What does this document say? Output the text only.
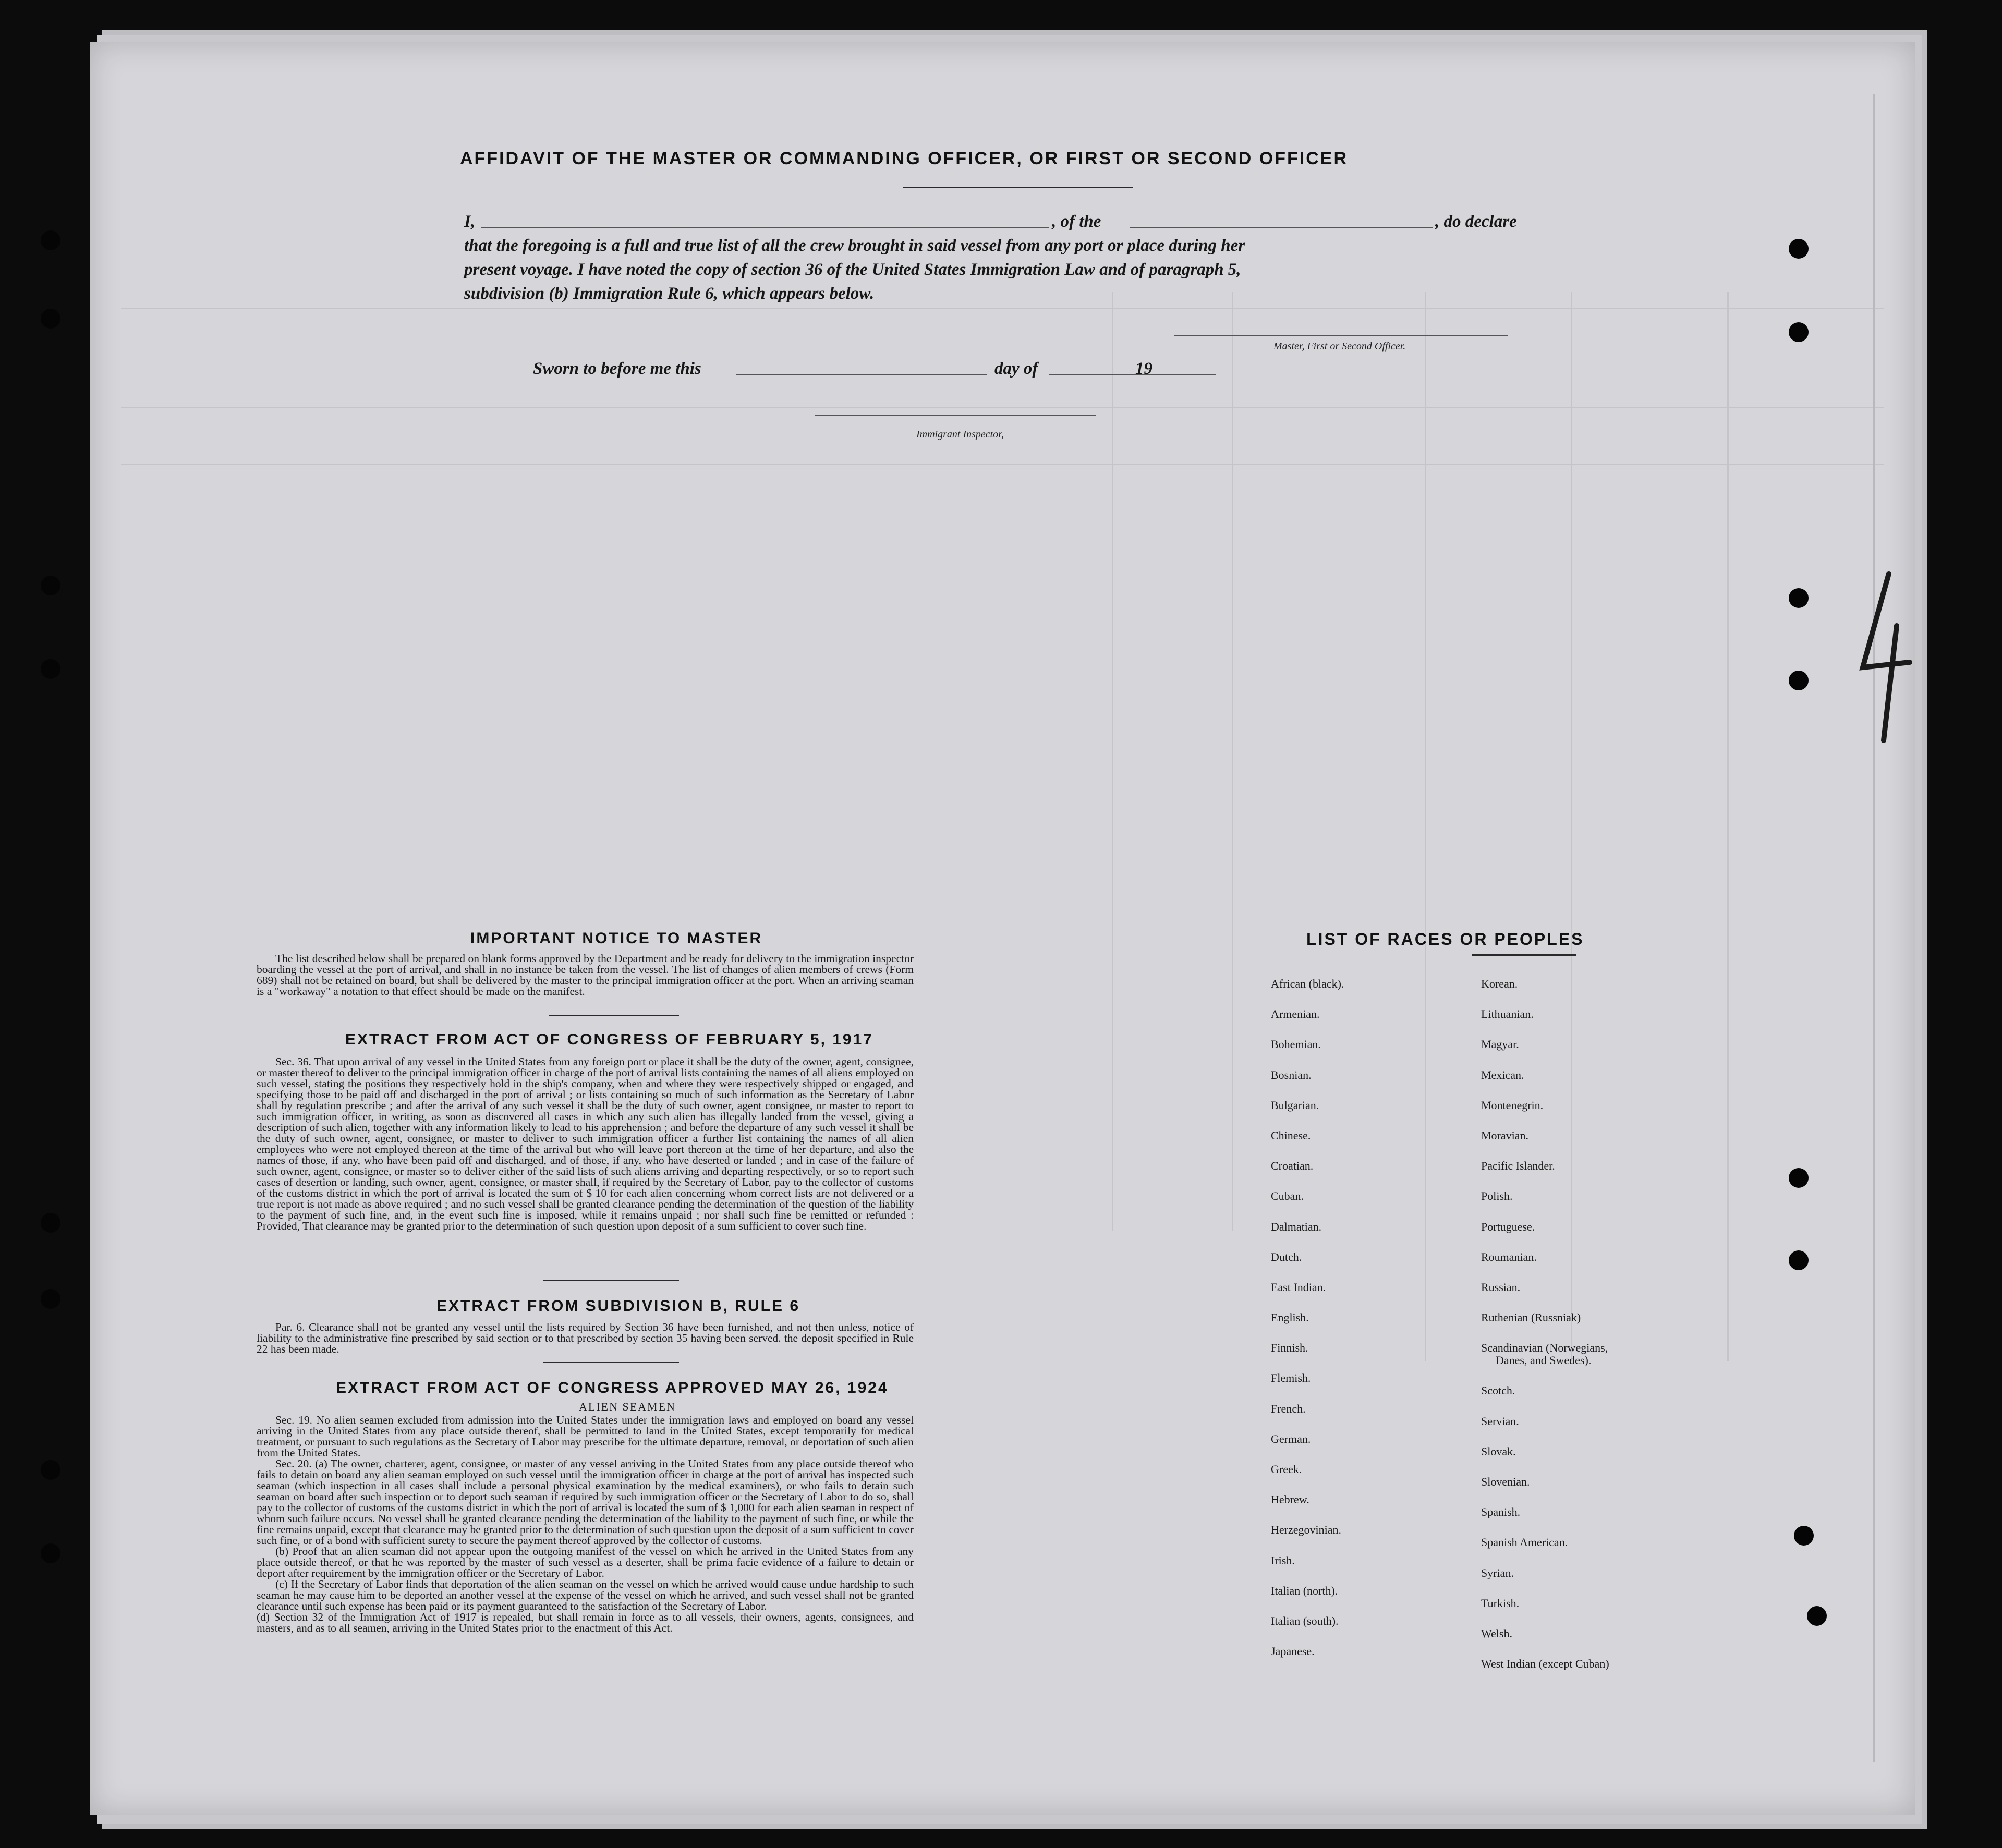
AFFIDAVIT OF THE MASTER OR COMMANDING OFFICER, OR FIRST OR SECOND OFFICER
I,	, of the	, do declare
that the foregoing is a full and true list of all the crew brought in said vessel from any port or place during her
present voyage. I have noted the copy of section 36 of the United States Immigration Law and of paragraph 5,
subdivision (b) Immigration Rule 6, which appears below.
Master, First or Second Officer.
Sworn to before me this	day of	19
Immigrant Inspector,
IMPORTANT NOTICE TO MASTER
The list described below shall be prepared on blank forms approved by the Department and be ready for delivery to the immigration inspector boarding the vessel at the port of arrival, and shall in no instance be taken from the vessel. The list of changes of alien members of crews (Form 689) shall not be retained on board, but shall be delivered by the master to the principal immigration officer at the port. When an arriving seaman is a "workaway" a notation to that effect should be made on the manifest.
EXTRACT FROM ACT OF CONGRESS OF FEBRUARY 5, 1917
Sec. 36. That upon arrival of any vessel in the United States from any foreign port or place it shall be the duty of the owner, agent, consignee, or master thereof to deliver to the principal immigration officer in charge of the port of arrival lists containing the names of all aliens employed on such vessel, stating the positions they respectively hold in the ship's company, when and where they were respectively shipped or engaged, and specifying those to be paid off and discharged in the port of arrival ; or lists containing so much of such information as the Secretary of Labor shall by regulation prescribe ; and after the arrival of any such vessel it shall be the duty of such owner, agent consignee, or master to report to such immigration officer, in writing, as soon as discovered all cases in which any such alien has illegally landed from the vessel, giving a description of such alien, together with any information likely to lead to his apprehension ; and before the departure of any such vessel it shall be the duty of such owner, agent, consignee, or master to deliver to such immigration officer a further list containing the names of all alien employees who were not employed thereon at the time of the arrival but who will leave port thereon at the time of her departure, and also the names of those, if any, who have been paid off and discharged, and of those, if any, who have deserted or landed ; and in case of the failure of such owner, agent, consignee, or master so to deliver either of the said lists of such aliens arriving and departing respectively, or so to report such cases of desertion or landing, such owner, agent, consignee, or master shall, if required by the Secretary of Labor, pay to the collector of customs of the customs district in which the port of arrival is located the sum of $ 10 for each alien concerning whom correct lists are not delivered or a true report is not made as above required ; and no such vessel shall be granted clearance pending the determination of the question of the liability to the payment of such fine, and, in the event such fine is imposed, while it remains unpaid ; nor shall such fine be remitted or refunded : Provided, That clearance may be granted prior to the determination of such question upon deposit of a sum sufficient to cover such fine.
EXTRACT FROM SUBDIVISION B, RULE 6
Par. 6. Clearance shall not be granted any vessel until the lists required by Section 36 have been furnished, and not then unless, notice of liability to the administrative fine prescribed by said section or to that prescribed by section 35 having been served. the deposit specified in Rule 22 has been made.
EXTRACT FROM ACT OF CONGRESS APPROVED MAY 26, 1924
ALIEN SEAMEN
Sec. 19. No alien seamen excluded from admission into the United States under the immigration laws and employed on board any vessel arriving in the United States from any place outside thereof, shall be permitted to land in the United States, except temporarily for medical treatment, or pursuant to such regulations as the Secretary of Labor may prescribe for the ultimate departure, removal, or deportation of such alien from the United States.
Sec. 20. (a) The owner, charterer, agent, consignee, or master of any vessel arriving in the United States from any place outside thereof who fails to detain on board any alien seaman employed on such vessel until the immigration officer in charge at the port of arrival has inspected such seaman (which inspection in all cases shall include a personal physical examination by the medical examiners), or who fails to detain such seaman on board after such inspection or to deport such seaman if required by such immigration officer or the Secretary of Labor to do so, shall pay to the collector of customs of the customs district in which the port of arrival is located the sum of $ 1,000 for each alien seaman in respect of whom such failure occurs. No vessel shall be granted clearance pending the determination of the liability to the payment of such fine, or while the fine remains unpaid, except that clearance may be granted prior to the determination of such question upon the deposit of a sum sufficient to cover such fine, or of a bond with sufficient surety to secure the payment thereof approved by the collector of customs.
(b) Proof that an alien seaman did not appear upon the outgoing manifest of the vessel on which he arrived in the United States from any place outside thereof, or that he was reported by the master of such vessel as a deserter, shall be prima facie evidence of a failure to detain or deport after requirement by the immigration officer or the Secretary of Labor.
(c) If the Secretary of Labor finds that deportation of the alien seaman on the vessel on which he arrived would cause undue hardship to such seaman he may cause him to be deported an another vessel at the expense of the vessel on which he arrived, and such vessel shall not be granted clearance until such expense has been paid or its payment guaranteed to the satisfaction of the Secretary of Labor.
(d) Section 32 of the Immigration Act of 1917 is repealed, but shall remain in force as to all vessels, their owners, agents, consignees, and masters, and as to all seamen, arriving in the United States prior to the enactment of this Act.
LIST OF RACES OR PEOPLES
African (black).
Armenian.
Bohemian.
Bosnian.
Bulgarian.
Chinese.
Croatian.
Cuban.
Dalmatian.
Dutch.
East Indian.
English.
Finnish.
Flemish.
French.
German.
Greek.
Hebrew.
Herzegovinian.
Irish.
Italian (north).
Italian (south).
Japanese.
Korean.
Lithuanian.
Magyar.
Mexican.
Montenegrin.
Moravian.
Pacific Islander.
Polish.
Portuguese.
Roumanian.
Russian.
Ruthenian (Russniak)
Scandinavian (Norwegians,
Danes, and Swedes).
Scotch.
Servian.
Slovak.
Slovenian.
Spanish.
Spanish American.
Syrian.
Turkish.
Welsh.
West Indian (except Cuban)
